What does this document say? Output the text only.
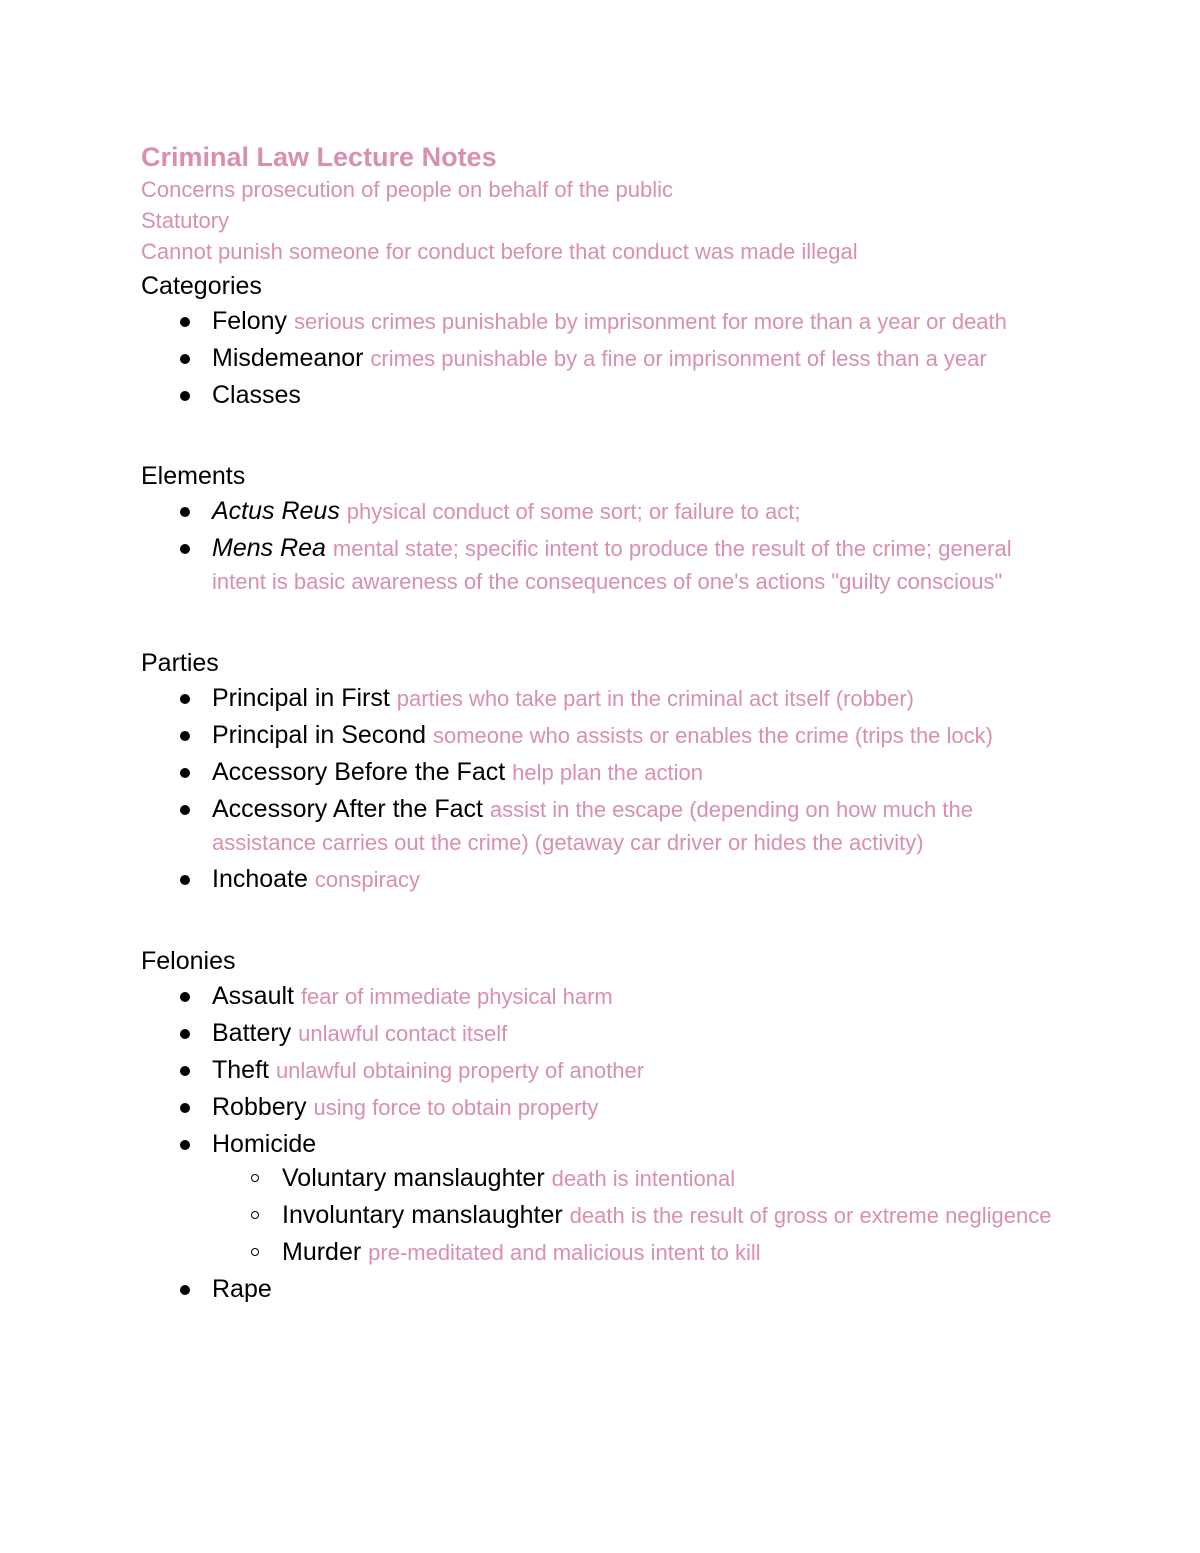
Criminal Law Lecture Notes
Concerns prosecution of people on behalf of the public
Statutory
Cannot punish someone for conduct before that conduct was made illegal
Categories
Felony serious crimes punishable by imprisonment for more than a year or death
Misdemeanor crimes punishable by a fine or imprisonment of less than a year
Classes
Elements
Actus Reus physical conduct of some sort; or failure to act;
Mens Rea mental state; specific intent to produce the result of the crime; general intent is basic awareness of the consequences of one's actions "guilty conscious"
Parties
Principal in First parties who take part in the criminal act itself (robber)
Principal in Second someone who assists or enables the crime (trips the lock)
Accessory Before the Fact help plan the action
Accessory After the Fact assist in the escape (depending on how much the assistance carries out the crime) (getaway car driver or hides the activity)
Inchoate conspiracy
Felonies
Assault fear of immediate physical harm
Battery unlawful contact itself
Theft unlawful obtaining property of another
Robbery using force to obtain property
Homicide
Voluntary manslaughter death is intentional
Involuntary manslaughter death is the result of gross or extreme negligence
Murder pre-meditated and malicious intent to kill
Rape
